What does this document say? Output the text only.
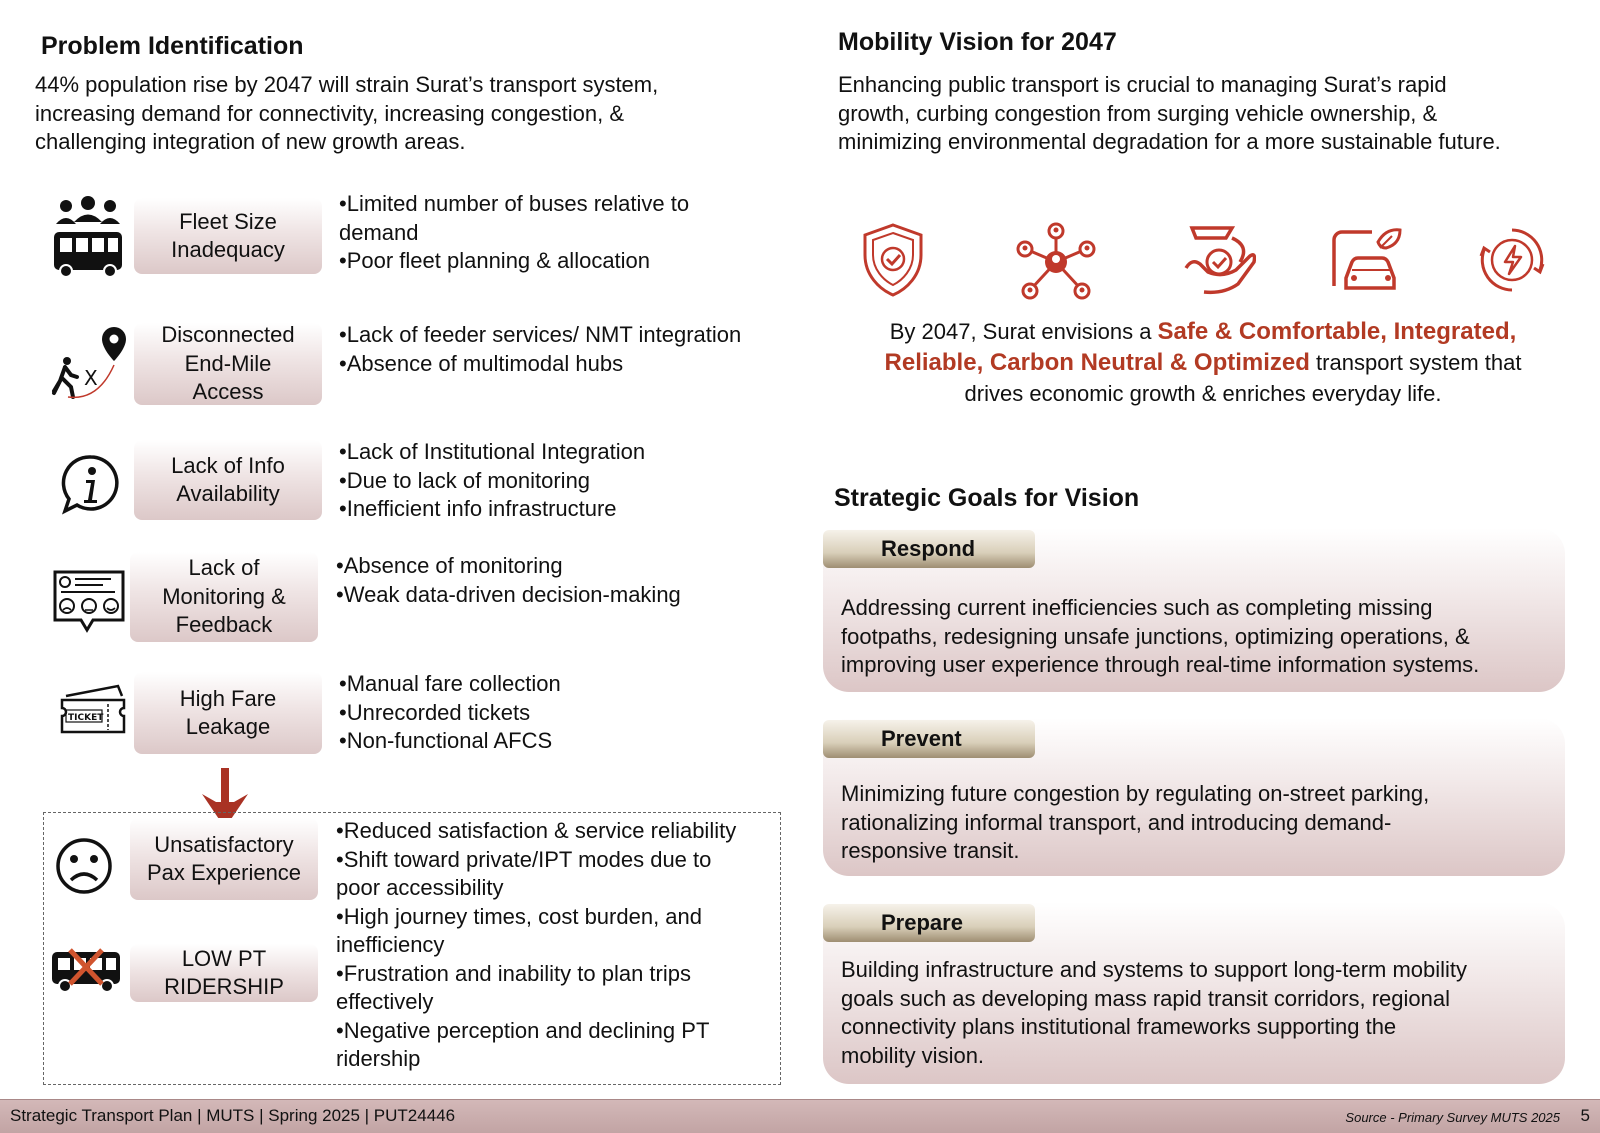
Problem Identification
44% population rise by 2047 will strain Surat’s transport system,
increasing demand for connectivity, increasing congestion, &
challenging integration of new growth areas.
Fleet Size
Inadequacy
•Limited number of buses relative to
demand
•Poor fleet planning & allocation
X
Disconnected
End-Mile
Access
•Lack of feeder services/ NMT integration
•Absence of multimodal hubs
Lack of Info
Availability
•Lack of Institutional Integration
•Due to lack of monitoring
•Inefficient info infrastructure
Lack of
Monitoring &
Feedback
•Absence of monitoring
•Weak data-driven decision-making
TICKET
High Fare
Leakage
•Manual fare collection
•Unrecorded tickets
•Non-functional AFCS
Unsatisfactory
Pax Experience
LOW PT
RIDERSHIP
•Reduced satisfaction & service reliability
•Shift toward private/IPT modes due to
poor accessibility
•High journey times, cost burden, and
inefficiency
•Frustration and inability to plan trips
effectively
•Negative perception and declining PT
ridership
Mobility Vision for 2047
Enhancing public transport is crucial to managing Surat’s rapid
growth, curbing congestion from surging vehicle ownership, &
minimizing environmental degradation for a more sustainable future.
By 2047, Surat envisions a Safe & Comfortable, Integrated,
Reliable, Carbon Neutral & Optimized transport system that
drives economic growth & enriches everyday life.
Strategic Goals for Vision
Respond
Addressing current inefficiencies such as completing missing
footpaths, redesigning unsafe junctions, optimizing operations, &
improving user experience through real-time information systems.
Prevent
Minimizing future congestion by regulating on-street parking,
rationalizing informal transport, and introducing demand-
responsive transit.
Prepare
Building infrastructure and systems to support long-term mobility
goals such as developing mass rapid transit corridors, regional
connectivity plans institutional frameworks supporting the
mobility vision.
Strategic Transport Plan | MUTS | Spring 2025 | PUT24446	Source - Primary Survey MUTS 2025 5
